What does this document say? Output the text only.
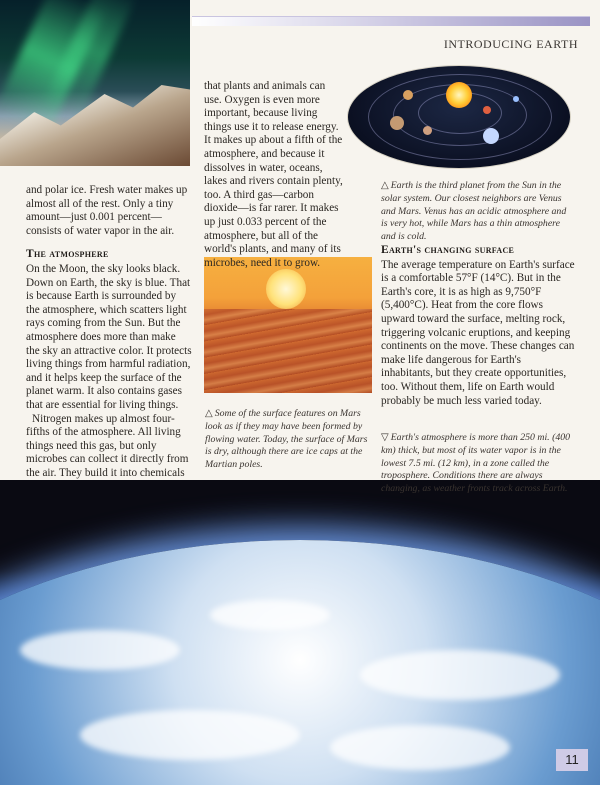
INTRODUCING EARTH

and polar ice. Fresh water makes up almost all of the rest. Only a tiny amount—just 0.001 percent—consists of water vapor in the air.

The atmosphere

On the Moon, the sky looks black. Down on Earth, the sky is blue. That is because Earth is surrounded by the atmosphere, which scatters light rays coming from the Sun. But the atmosphere does more than make the sky an attractive color. It protects living things from harmful radiation, and it helps keep the surface of the planet warm. It also contains gases that are essential for living things.

Nitrogen makes up almost four-fifths of the atmosphere. All living things need this gas, but only microbes can collect it directly from the air. They build it into chemicals

that plants and animals can use. Oxygen is even more important, because living things use it to release energy. It makes up about a fifth of the atmosphere, and because it dissolves in water, oceans, lakes and rivers contain plenty, too. A third gas—carbon dioxide—is far rarer. It makes up just 0.033 percent of the atmosphere, but all of the world's plants, and many of its microbes, need it to grow.

△ Some of the surface features on Mars look as if they may have been formed by flowing water. Today, the surface of Mars is dry, although there are ice caps at the Martian poles.
△ Earth is the third planet from the Sun in the solar system. Our closest neighbors are Venus and Mars. Venus has an acidic atmosphere and is very hot, while Mars has a thin atmosphere and is cold.
Earth's changing surface

The average temperature on Earth's surface is a comfortable 57°F (14°C). But in the Earth's core, it is as high as 9,750°F (5,400°C). Heat from the core flows upward toward the surface, melting rock, triggering volcanic eruptions, and keeping continents on the move. These changes can make life dangerous for Earth's inhabitants, but they create opportunities, too. Without them, life on Earth would probably be much less varied today.

▽ Earth's atmosphere is more than 250 mi. (400 km) thick, but most of its water vapor is in the lowest 7.5 mi. (12 km), in a zone called the troposphere. Conditions there are always changing, as weather fronts track across Earth.
11
